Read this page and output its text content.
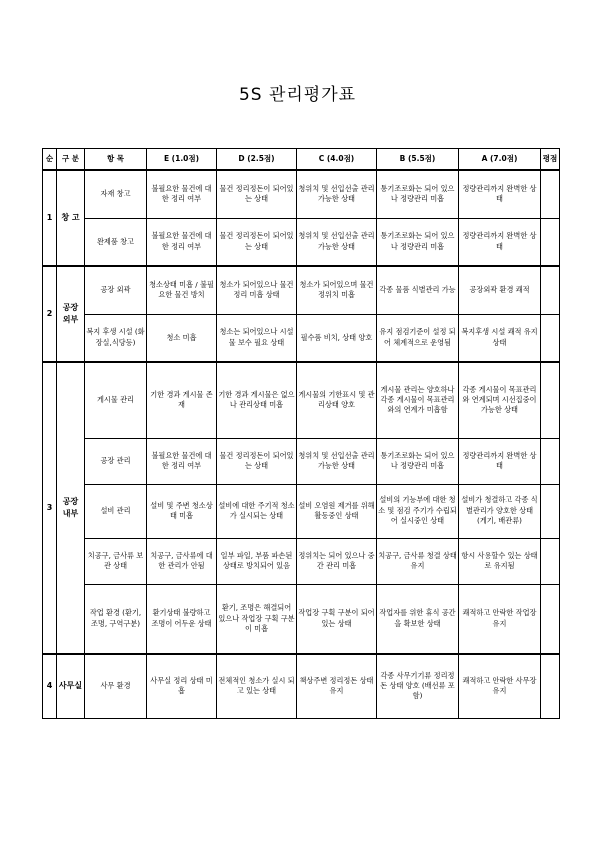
5S 관리평가표
순	구 분	항 목	E (1.0점)	D (2.5점)	C (4.0점)	B (5.5점)	A (7.0점)	평점
1	창 고	자재 창고	불필요한 물건에 대한 정리 여부	물건 정리정돈이 되어있는 상태	청위치 및 선입선출 관리 가능한 상태	통기조로화는 되어 있으나 정량관리 미흡	정량관리까지 완벽한 상태	
		완제품 창고	불필요한 물건에 대한 정리 여부	물건 정리정돈이 되어있는 상태	청위치 및 선입선출 관리 가능한 상태	통기조로화는 되어 있으나 정량관리 미흡	정량관리까지 완벽한 상태	
2	공장 외부	공장 외곽	청소상태 미흡 / 불필요한 물건 방치	청소가 되어있으나 물건 정리 미흡 상태	청소가 되어있으며 물건 정위치 미흡	각종 물품 식별관리 가능	공장외곽 환경 쾌적	
		복지 후생 시설 (화장실,식당등)	청소 미흡	청소는 되어있으나 시설물 보수 필요 상태	필수품 비치, 상태 양호	유지 점검기준이 설정 되어 체계적으로 운영됨	복지후생 시설 쾌적 유지 상태	
3	공장 내부	게시물 관리	기한 경과 게시물 존재	기한 경과 게시물은 없으나 관리상태 미흡	게시물의 기한표시 및 관리상태 양호	게시물 관리는 양호하나 각종 게시물이 목표관리 와의 연계가 미흡함	각종 게시물이 목표관리 와 연계되며 시선집중이 가능한 상태	
		공장 관리	불필요한 물건에 대한 정리 여부	물건 정리정돈이 되어있는 상태	청위치 및 선입선출 관리 가능한 상태	통기조로화는 되어 있으나 정량관리 미흡	정량관리까지 완벽한 상태	
		설비 관리	설비 및 주변 청소상태 미흡	설비에 대한 주기적 청소가 실시되는 상태	설비 오염원 제거를 위해 활동중인 상태	설비의 기능부에 대한 청소 및 점검 주기가 수립되어 실시중인 상태	설비가 청결하고 각종 식별관리가 양호한 상태 (게기, 배관류)	
		치공구, 금사류 보관 상태	치공구, 금사류에 대한 관리가 안됨	일부 파일, 부품 파손된 상태로 방치되어 있음	정위치는 되어 있으나 중간 관리 미흡	치공구, 금사류 청결 상태 유지	항시 사용할수 있는 상태로 유지됨	
		작업 환경 (환기, 조명, 구역구분)	환기상태 불량하고 조명이 어두운 상태	환기, 조명은 해결되어 있으나 작업장 구획 구분이 미흡	작업장 구획 구분이 되어 있는 상태	작업자를 위한 휴식 공간을 확보한 상태	쾌적하고 안락한 작업장 유지	
4	사무실	사무 환경	사무실 정리 상태 미흡	전체적인 청소가 실시 되고 있는 상태	책상주변 정리정돈 상태 유지	각종 사무기기류 정리정돈 상태 양호 (배선류 포함)	쾌적하고 안락한 사무장 유지	
